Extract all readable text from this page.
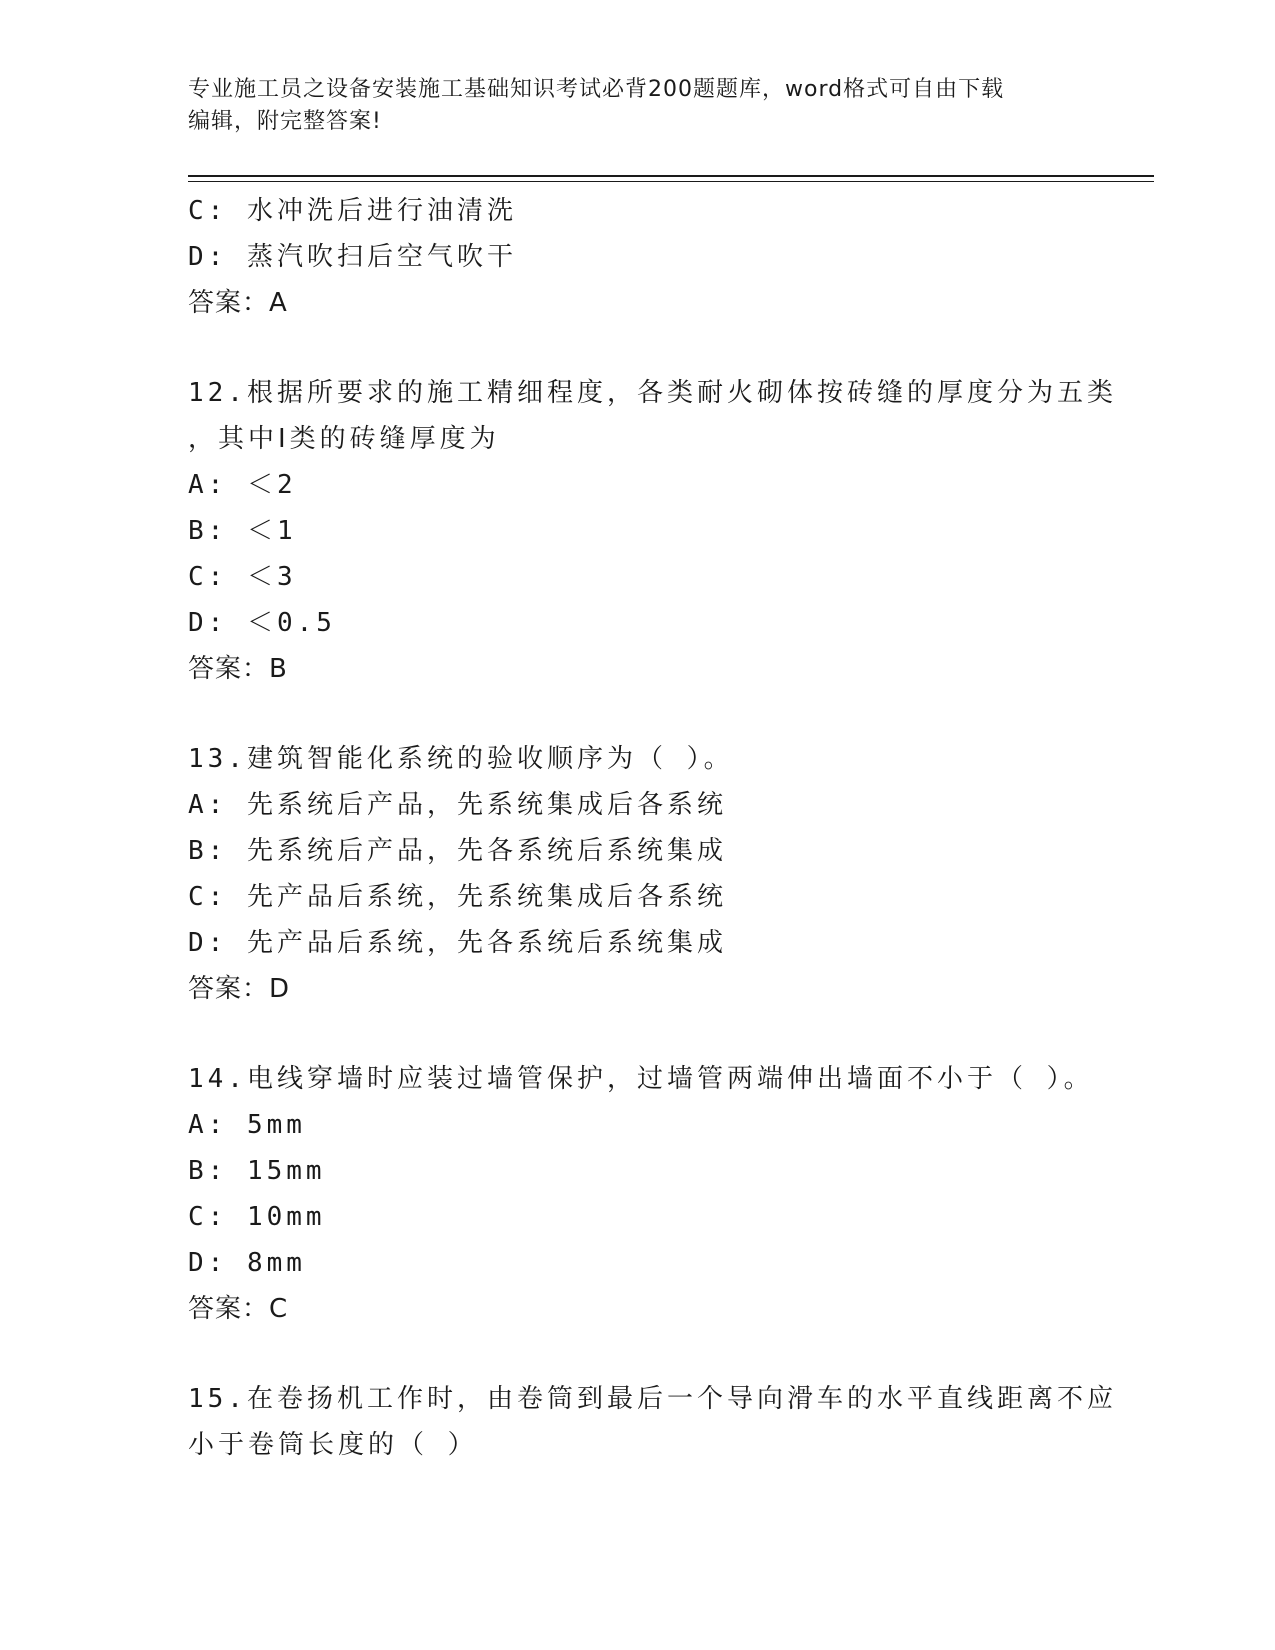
专业施工员之设备安装施工基础知识考试必背200题题库，word格式可自由下载
编辑，附完整答案!
C: 水冲洗后进行油清洗
D: 蒸汽吹扫后空气吹干
答案：A
12.根据所要求的施工精细程度，各类耐火砌体按砖缝的厚度分为五类
，其中Ⅰ类的砖缝厚度为
A: ＜2
B: ＜1
C: ＜3
D: ＜0.5
答案：B
13.建筑智能化系统的验收顺序为（ ）。
A: 先系统后产品，先系统集成后各系统
B: 先系统后产品，先各系统后系统集成
C: 先产品后系统，先系统集成后各系统
D: 先产品后系统，先各系统后系统集成
答案：D
14.电线穿墙时应装过墙管保护，过墙管两端伸出墙面不小于（ ）。
A: 5mm
B: 15mm
C: 10mm
D: 8mm
答案：C
15.在卷扬机工作时，由卷筒到最后一个导向滑车的水平直线距离不应
小于卷筒长度的（ ）
